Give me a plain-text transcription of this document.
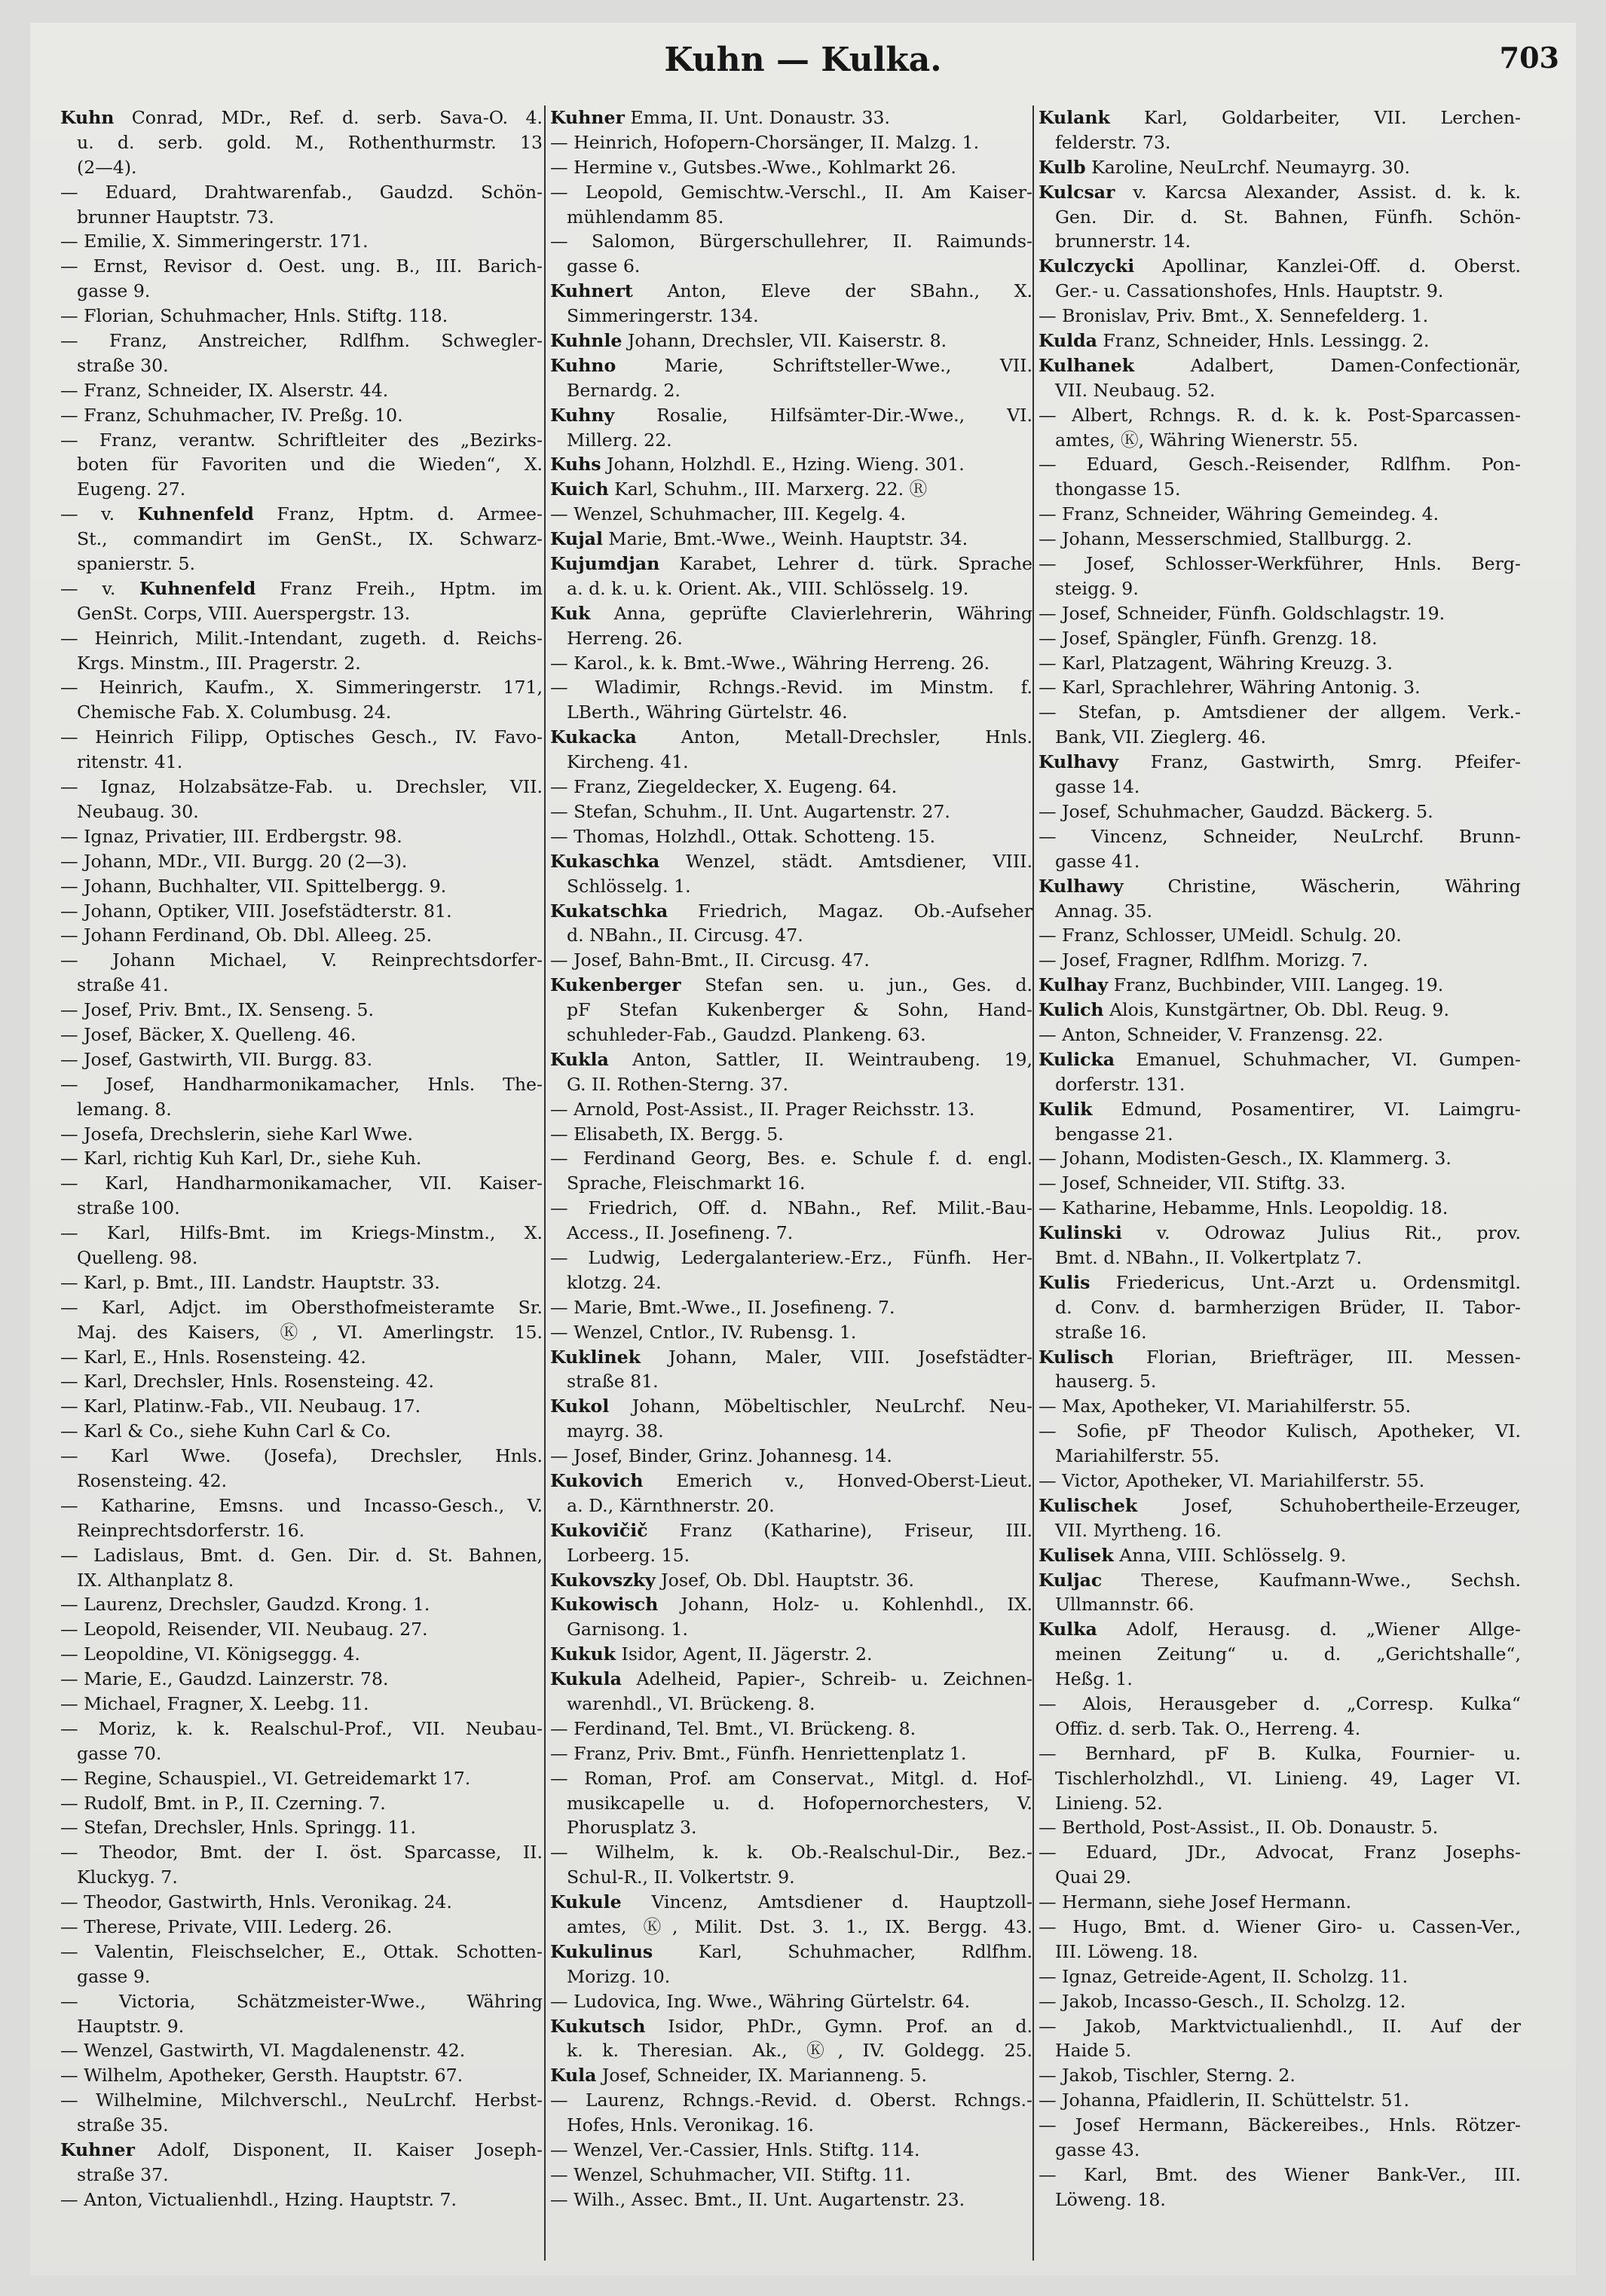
Kuhn — Kulka.	703
Kuhn Conrad, MDr., Ref. d. serb. Sava-O. 4.
u. d. serb. gold. M., Rothenthurmstr. 13
(2—4).
— Eduard, Drahtwarenfab., Gaudzd. Schön-
brunner Hauptstr. 73.
— Emilie, X. Simmeringerstr. 171.
— Ernst, Revisor d. Oest. ung. B., III. Barich-
gasse 9.
— Florian, Schuhmacher, Hnls. Stiftg. 118.
— Franz, Anstreicher, Rdlfhm. Schwegler-
straße 30.
— Franz, Schneider, IX. Alserstr. 44.
— Franz, Schuhmacher, IV. Preßg. 10.
— Franz, verantw. Schriftleiter des „Bezirks-
boten für Favoriten und die Wieden“, X.
Eugeng. 27.
— v. Kuhnenfeld Franz, Hptm. d. Armee-
St., commandirt im GenSt., IX. Schwarz-
spanierstr. 5.
— v. Kuhnenfeld Franz Freih., Hptm. im
GenSt. Corps, VIII. Auerspergstr. 13.
— Heinrich, Milit.-Intendant, zugeth. d. Reichs-
Krgs. Minstm., III. Pragerstr. 2.
— Heinrich, Kaufm., X. Simmeringerstr. 171,
Chemische Fab. X. Columbusg. 24.
— Heinrich Filipp, Optisches Gesch., IV. Favo-
ritenstr. 41.
— Ignaz, Holzabsätze-Fab. u. Drechsler, VII.
Neubaug. 30.
— Ignaz, Privatier, III. Erdbergstr. 98.
— Johann, MDr., VII. Burgg. 20 (2—3).
— Johann, Buchhalter, VII. Spittelbergg. 9.
— Johann, Optiker, VIII. Josefstädterstr. 81.
— Johann Ferdinand, Ob. Dbl. Alleeg. 25.
— Johann Michael, V. Reinprechtsdorfer-
straße 41.
— Josef, Priv. Bmt., IX. Senseng. 5.
— Josef, Bäcker, X. Quelleng. 46.
— Josef, Gastwirth, VII. Burgg. 83.
— Josef, Handharmonikamacher, Hnls. The-
lemang. 8.
— Josefa, Drechslerin, siehe Karl Wwe.
— Karl, richtig Kuh Karl, Dr., siehe Kuh.
— Karl, Handharmonikamacher, VII. Kaiser-
straße 100.
— Karl, Hilfs-Bmt. im Kriegs-Minstm., X.
Quelleng. 98.
— Karl, p. Bmt., III. Landstr. Hauptstr. 33.
— Karl, Adjct. im Obersthofmeisteramte Sr.
Maj. des Kaisers, Ⓚ, VI. Amerlingstr. 15.
— Karl, E., Hnls. Rosensteing. 42.
— Karl, Drechsler, Hnls. Rosensteing. 42.
— Karl, Platinw.-Fab., VII. Neubaug. 17.
— Karl & Co., siehe Kuhn Carl & Co.
— Karl Wwe. (Josefa), Drechsler, Hnls.
Rosensteing. 42.
— Katharine, Emsns. und Incasso-Gesch., V.
Reinprechtsdorferstr. 16.
— Ladislaus, Bmt. d. Gen. Dir. d. St. Bahnen,
IX. Althanplatz 8.
— Laurenz, Drechsler, Gaudzd. Krong. 1.
— Leopold, Reisender, VII. Neubaug. 27.
— Leopoldine, VI. Königseggg. 4.
— Marie, E., Gaudzd. Lainzerstr. 78.
— Michael, Fragner, X. Leebg. 11.
— Moriz, k. k. Realschul-Prof., VII. Neubau-
gasse 70.
— Regine, Schauspiel., VI. Getreidemarkt 17.
— Rudolf, Bmt. in P., II. Czerning. 7.
— Stefan, Drechsler, Hnls. Springg. 11.
— Theodor, Bmt. der I. öst. Sparcasse, II.
Kluckyg. 7.
— Theodor, Gastwirth, Hnls. Veronikag. 24.
— Therese, Private, VIII. Lederg. 26.
— Valentin, Fleischselcher, E., Ottak. Schotten-
gasse 9.
— Victoria, Schätzmeister-Wwe., Währing
Hauptstr. 9.
— Wenzel, Gastwirth, VI. Magdalenenstr. 42.
— Wilhelm, Apotheker, Gersth. Hauptstr. 67.
— Wilhelmine, Milchverschl., NeuLrchf. Herbst-
straße 35.
Kuhner Adolf, Disponent, II. Kaiser Joseph-
straße 37.
— Anton, Victualienhdl., Hzing. Hauptstr. 7.
Kuhner Emma, II. Unt. Donaustr. 33.
— Heinrich, Hofopern-Chorsänger, II. Malzg. 1.
— Hermine v., Gutsbes.-Wwe., Kohlmarkt 26.
— Leopold, Gemischtw.-Verschl., II. Am Kaiser-
mühlendamm 85.
— Salomon, Bürgerschullehrer, II. Raimunds-
gasse 6.
Kuhnert Anton, Eleve der SBahn., X.
Simmeringerstr. 134.
Kuhnle Johann, Drechsler, VII. Kaiserstr. 8.
Kuhno Marie, Schriftsteller-Wwe., VII.
Bernardg. 2.
Kuhny Rosalie, Hilfsämter-Dir.-Wwe., VI.
Millerg. 22.
Kuhs Johann, Holzhdl. E., Hzing. Wieng. 301.
Kuich Karl, Schuhm., III. Marxerg. 22. Ⓡ
— Wenzel, Schuhmacher, III. Kegelg. 4.
Kujal Marie, Bmt.-Wwe., Weinh. Hauptstr. 34.
Kujumdjan Karabet, Lehrer d. türk. Sprache
a. d. k. u. k. Orient. Ak., VIII. Schlösselg. 19.
Kuk Anna, geprüfte Clavierlehrerin, Währing
Herreng. 26.
— Karol., k. k. Bmt.-Wwe., Währing Herreng. 26.
— Wladimir, Rchngs.-Revid. im Minstm. f.
LBerth., Währing Gürtelstr. 46.
Kukacka Anton, Metall-Drechsler, Hnls.
Kircheng. 41.
— Franz, Ziegeldecker, X. Eugeng. 64.
— Stefan, Schuhm., II. Unt. Augartenstr. 27.
— Thomas, Holzhdl., Ottak. Schotteng. 15.
Kukaschka Wenzel, städt. Amtsdiener, VIII.
Schlösselg. 1.
Kukatschka Friedrich, Magaz. Ob.-Aufseher
d. NBahn., II. Circusg. 47.
— Josef, Bahn-Bmt., II. Circusg. 47.
Kukenberger Stefan sen. u. jun., Ges. d.
pF Stefan Kukenberger & Sohn, Hand-
schuhleder-Fab., Gaudzd. Plankeng. 63.
Kukla Anton, Sattler, II. Weintraubeng. 19,
G. II. Rothen-Sterng. 37.
— Arnold, Post-Assist., II. Prager Reichsstr. 13.
— Elisabeth, IX. Bergg. 5.
— Ferdinand Georg, Bes. e. Schule f. d. engl.
Sprache, Fleischmarkt 16.
— Friedrich, Off. d. NBahn., Ref. Milit.-Bau-
Access., II. Josefineng. 7.
— Ludwig, Ledergalanteriew.-Erz., Fünfh. Her-
klotzg. 24.
— Marie, Bmt.-Wwe., II. Josefineng. 7.
— Wenzel, Cntlor., IV. Rubensg. 1.
Kuklinek Johann, Maler, VIII. Josefstädter-
straße 81.
Kukol Johann, Möbeltischler, NeuLrchf. Neu-
mayrg. 38.
— Josef, Binder, Grinz. Johannesg. 14.
Kukovich Emerich v., Honved-Oberst-Lieut.
a. D., Kärnthnerstr. 20.
Kukovičič Franz (Katharine), Friseur, III.
Lorbeerg. 15.
Kukovszky Josef, Ob. Dbl. Hauptstr. 36.
Kukowisch Johann, Holz- u. Kohlenhdl., IX.
Garnisong. 1.
Kukuk Isidor, Agent, II. Jägerstr. 2.
Kukula Adelheid, Papier-, Schreib- u. Zeichnen-
warenhdl., VI. Brückeng. 8.
— Ferdinand, Tel. Bmt., VI. Brückeng. 8.
— Franz, Priv. Bmt., Fünfh. Henriettenplatz 1.
— Roman, Prof. am Conservat., Mitgl. d. Hof-
musikcapelle u. d. Hofopernorchesters, V.
Phorusplatz 3.
— Wilhelm, k. k. Ob.-Realschul-Dir., Bez.-
Schul-R., II. Volkertstr. 9.
Kukule Vincenz, Amtsdiener d. Hauptzoll-
amtes, Ⓚ, Milit. Dst. 3. 1., IX. Bergg. 43.
Kukulinus Karl, Schuhmacher, Rdlfhm.
Morizg. 10.
— Ludovica, Ing. Wwe., Währing Gürtelstr. 64.
Kukutsch Isidor, PhDr., Gymn. Prof. an d.
k. k. Theresian. Ak., Ⓚ, IV. Goldegg. 25.
Kula Josef, Schneider, IX. Marianneng. 5.
— Laurenz, Rchngs.-Revid. d. Oberst. Rchngs.-
Hofes, Hnls. Veronikag. 16.
— Wenzel, Ver.-Cassier, Hnls. Stiftg. 114.
— Wenzel, Schuhmacher, VII. Stiftg. 11.
— Wilh., Assec. Bmt., II. Unt. Augartenstr. 23.
Kulank Karl, Goldarbeiter, VII. Lerchen-
felderstr. 73.
Kulb Karoline, NeuLrchf. Neumayrg. 30.
Kulcsar v. Karcsa Alexander, Assist. d. k. k.
Gen. Dir. d. St. Bahnen, Fünfh. Schön-
brunnerstr. 14.
Kulczycki Apollinar, Kanzlei-Off. d. Oberst.
Ger.- u. Cassationshofes, Hnls. Hauptstr. 9.
— Bronislav, Priv. Bmt., X. Sennefelderg. 1.
Kulda Franz, Schneider, Hnls. Lessingg. 2.
Kulhanek Adalbert, Damen-Confectionär,
VII. Neubaug. 52.
— Albert, Rchngs. R. d. k. k. Post-Sparcassen-
amtes, Ⓚ, Währing Wienerstr. 55.
— Eduard, Gesch.-Reisender, Rdlfhm. Pon-
thongasse 15.
— Franz, Schneider, Währing Gemeindeg. 4.
— Johann, Messerschmied, Stallburgg. 2.
— Josef, Schlosser-Werkführer, Hnls. Berg-
steigg. 9.
— Josef, Schneider, Fünfh. Goldschlagstr. 19.
— Josef, Spängler, Fünfh. Grenzg. 18.
— Karl, Platzagent, Währing Kreuzg. 3.
— Karl, Sprachlehrer, Währing Antonig. 3.
— Stefan, p. Amtsdiener der allgem. Verk.-
Bank, VII. Zieglerg. 46.
Kulhavy Franz, Gastwirth, Smrg. Pfeifer-
gasse 14.
— Josef, Schuhmacher, Gaudzd. Bäckerg. 5.
— Vincenz, Schneider, NeuLrchf. Brunn-
gasse 41.
Kulhawy Christine, Wäscherin, Währing
Annag. 35.
— Franz, Schlosser, UMeidl. Schulg. 20.
— Josef, Fragner, Rdlfhm. Morizg. 7.
Kulhay Franz, Buchbinder, VIII. Langeg. 19.
Kulich Alois, Kunstgärtner, Ob. Dbl. Reug. 9.
— Anton, Schneider, V. Franzensg. 22.
Kulicka Emanuel, Schuhmacher, VI. Gumpen-
dorferstr. 131.
Kulik Edmund, Posamentirer, VI. Laimgru-
bengasse 21.
— Johann, Modisten-Gesch., IX. Klammerg. 3.
— Josef, Schneider, VII. Stiftg. 33.
— Katharine, Hebamme, Hnls. Leopoldig. 18.
Kulinski v. Odrowaz Julius Rit., prov.
Bmt. d. NBahn., II. Volkertplatz 7.
Kulis Friedericus, Unt.-Arzt u. Ordensmitgl.
d. Conv. d. barmherzigen Brüder, II. Tabor-
straße 16.
Kulisch Florian, Briefträger, III. Messen-
hauserg. 5.
— Max, Apotheker, VI. Mariahilferstr. 55.
— Sofie, pF Theodor Kulisch, Apotheker, VI.
Mariahilferstr. 55.
— Victor, Apotheker, VI. Mariahilferstr. 55.
Kulischek Josef, Schuhobertheile-Erzeuger,
VII. Myrtheng. 16.
Kulisek Anna, VIII. Schlösselg. 9.
Kuljac Therese, Kaufmann-Wwe., Sechsh.
Ullmannstr. 66.
Kulka Adolf, Herausg. d. „Wiener Allge-
meinen Zeitung“ u. d. „Gerichtshalle“,
Heßg. 1.
— Alois, Herausgeber d. „Corresp. Kulka“
Offiz. d. serb. Tak. O., Herreng. 4.
— Bernhard, pF B. Kulka, Fournier- u.
Tischlerholzhdl., VI. Linieng. 49, Lager VI.
Linieng. 52.
— Berthold, Post-Assist., II. Ob. Donaustr. 5.
— Eduard, JDr., Advocat, Franz Josephs-
Quai 29.
— Hermann, siehe Josef Hermann.
— Hugo, Bmt. d. Wiener Giro- u. Cassen-Ver.,
III. Löweng. 18.
— Ignaz, Getreide-Agent, II. Scholzg. 11.
— Jakob, Incasso-Gesch., II. Scholzg. 12.
— Jakob, Marktvictualienhdl., II. Auf der
Haide 5.
— Jakob, Tischler, Sterng. 2.
— Johanna, Pfaidlerin, II. Schüttelstr. 51.
— Josef Hermann, Bäckereibes., Hnls. Rötzer-
gasse 43.
— Karl, Bmt. des Wiener Bank-Ver., III.
Löweng. 18.
